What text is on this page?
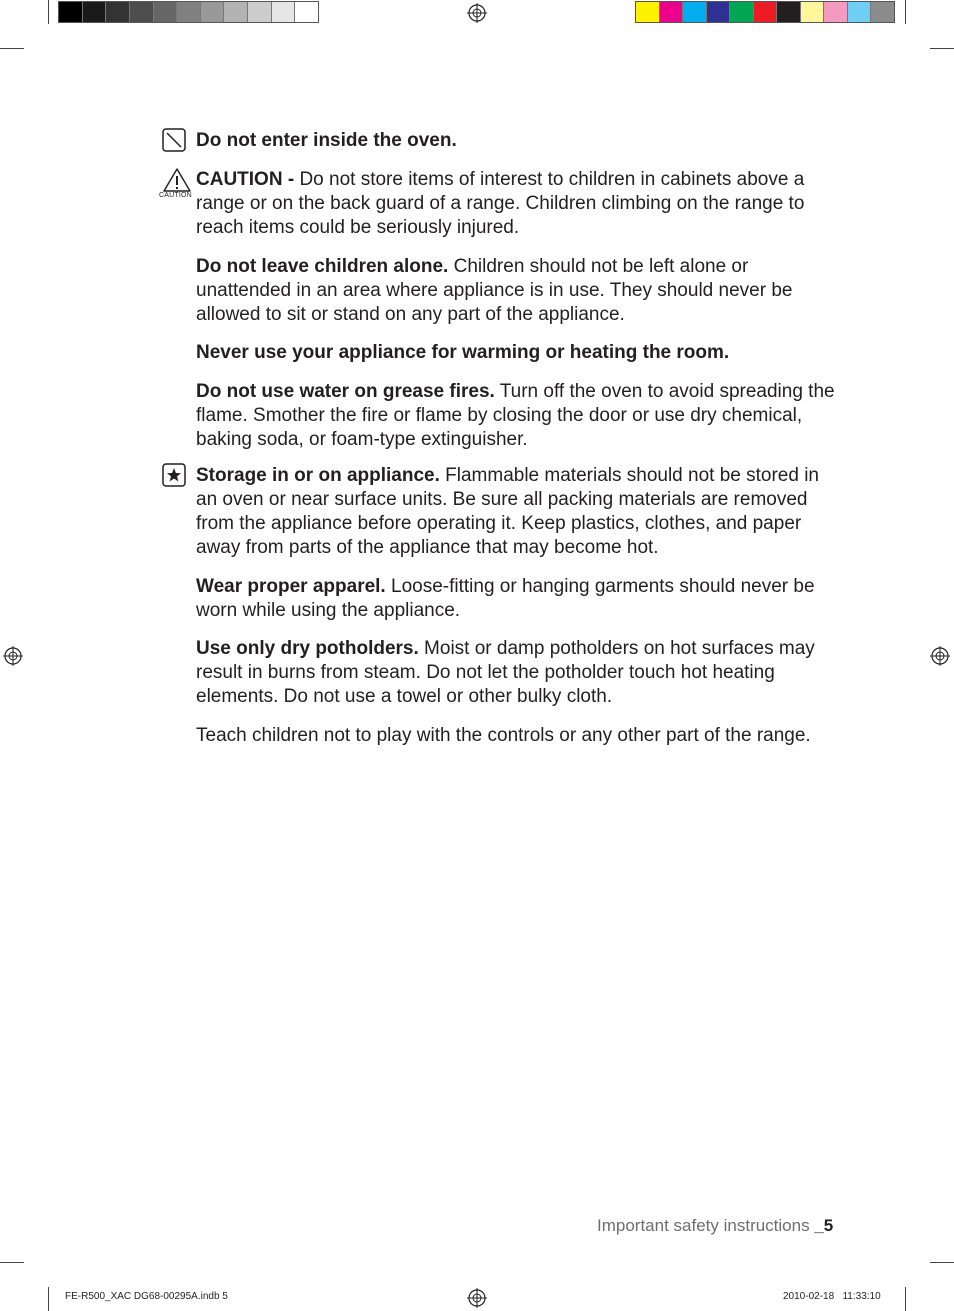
CAUTION
Do not enter inside the oven.
CAUTION - Do not store items of interest to children in cabinets above a range or on the back guard of a range. Children climbing on the range to reach items could be seriously injured.
Do not leave children alone. Children should not be left alone or unattended in an area where appliance is in use. They should never be allowed to sit or stand on any part of the appliance.
Never use your appliance for warming or heating the room.
Do not use water on grease fires. Turn off the oven to avoid spreading the flame. Smother the fire or flame by closing the door or use dry chemical, baking soda, or foam-type extinguisher.
Storage in or on appliance. Flammable materials should not be stored in an oven or near surface units. Be sure all packing materials are removed from the appliance before operating it. Keep plastics, clothes, and paper away from parts of the appliance that may become hot.
Wear proper apparel. Loose-fitting or hanging garments should never be worn while using the appliance.
Use only dry potholders. Moist or damp potholders on hot surfaces may result in burns from steam. Do not let the potholder touch hot heating elements. Do not use a towel or other bulky cloth.
Teach children not to play with the controls or any other part of the range.
Important safety instructions _5
FE-R500_XAC DG68-00295A.indb 5	2010-02-18   11:33:10
